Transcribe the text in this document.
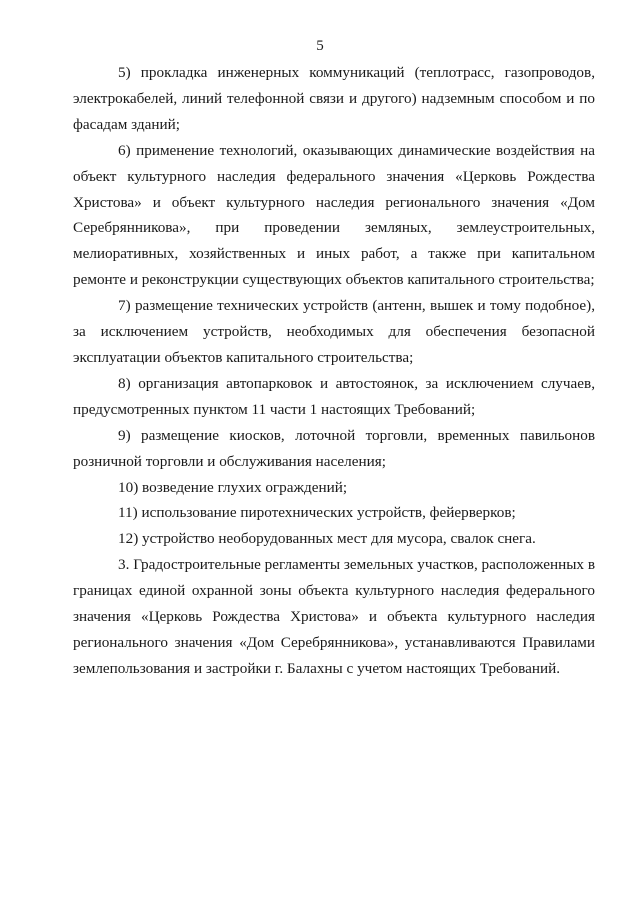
5

5) прокладка инженерных коммуникаций (теплотрасс, газопроводов, электрокабелей, линий телефонной связи и другого) надземным способом и по фасадам зданий;

6) применение технологий, оказывающих динамические воздействия на объект культурного наследия федерального значения «Церковь Рождества Христова» и объект культурного наследия регионального значения «Дом Серебрянникова», при проведении земляных, землеустроительных, мелиоративных, хозяйственных и иных работ, а также при капитальном ремонте и реконструкции существующих объектов капитального строительства;

7) размещение технических устройств (антенн, вышек и тому подобное), за исключением устройств, необходимых для обеспечения безопасной эксплуатации объектов капитального строительства;

8) организация автопарковок и автостоянок, за исключением случаев, предусмотренных пунктом 11 части 1 настоящих Требований;

9) размещение киосков, лоточной торговли, временных павильонов розничной торговли и обслуживания населения;

10) возведение глухих ограждений;

11) использование пиротехнических устройств, фейерверков;

12) устройство необорудованных мест для мусора, свалок снега.

3. Градостроительные регламенты земельных участков, расположенных в границах единой охранной зоны объекта культурного наследия федерального значения «Церковь Рождества Христова» и объекта культурного наследия регионального значения «Дом Серебрянникова», устанавливаются Правилами землепользования и застройки г. Балахны с учетом настоящих Требований.
